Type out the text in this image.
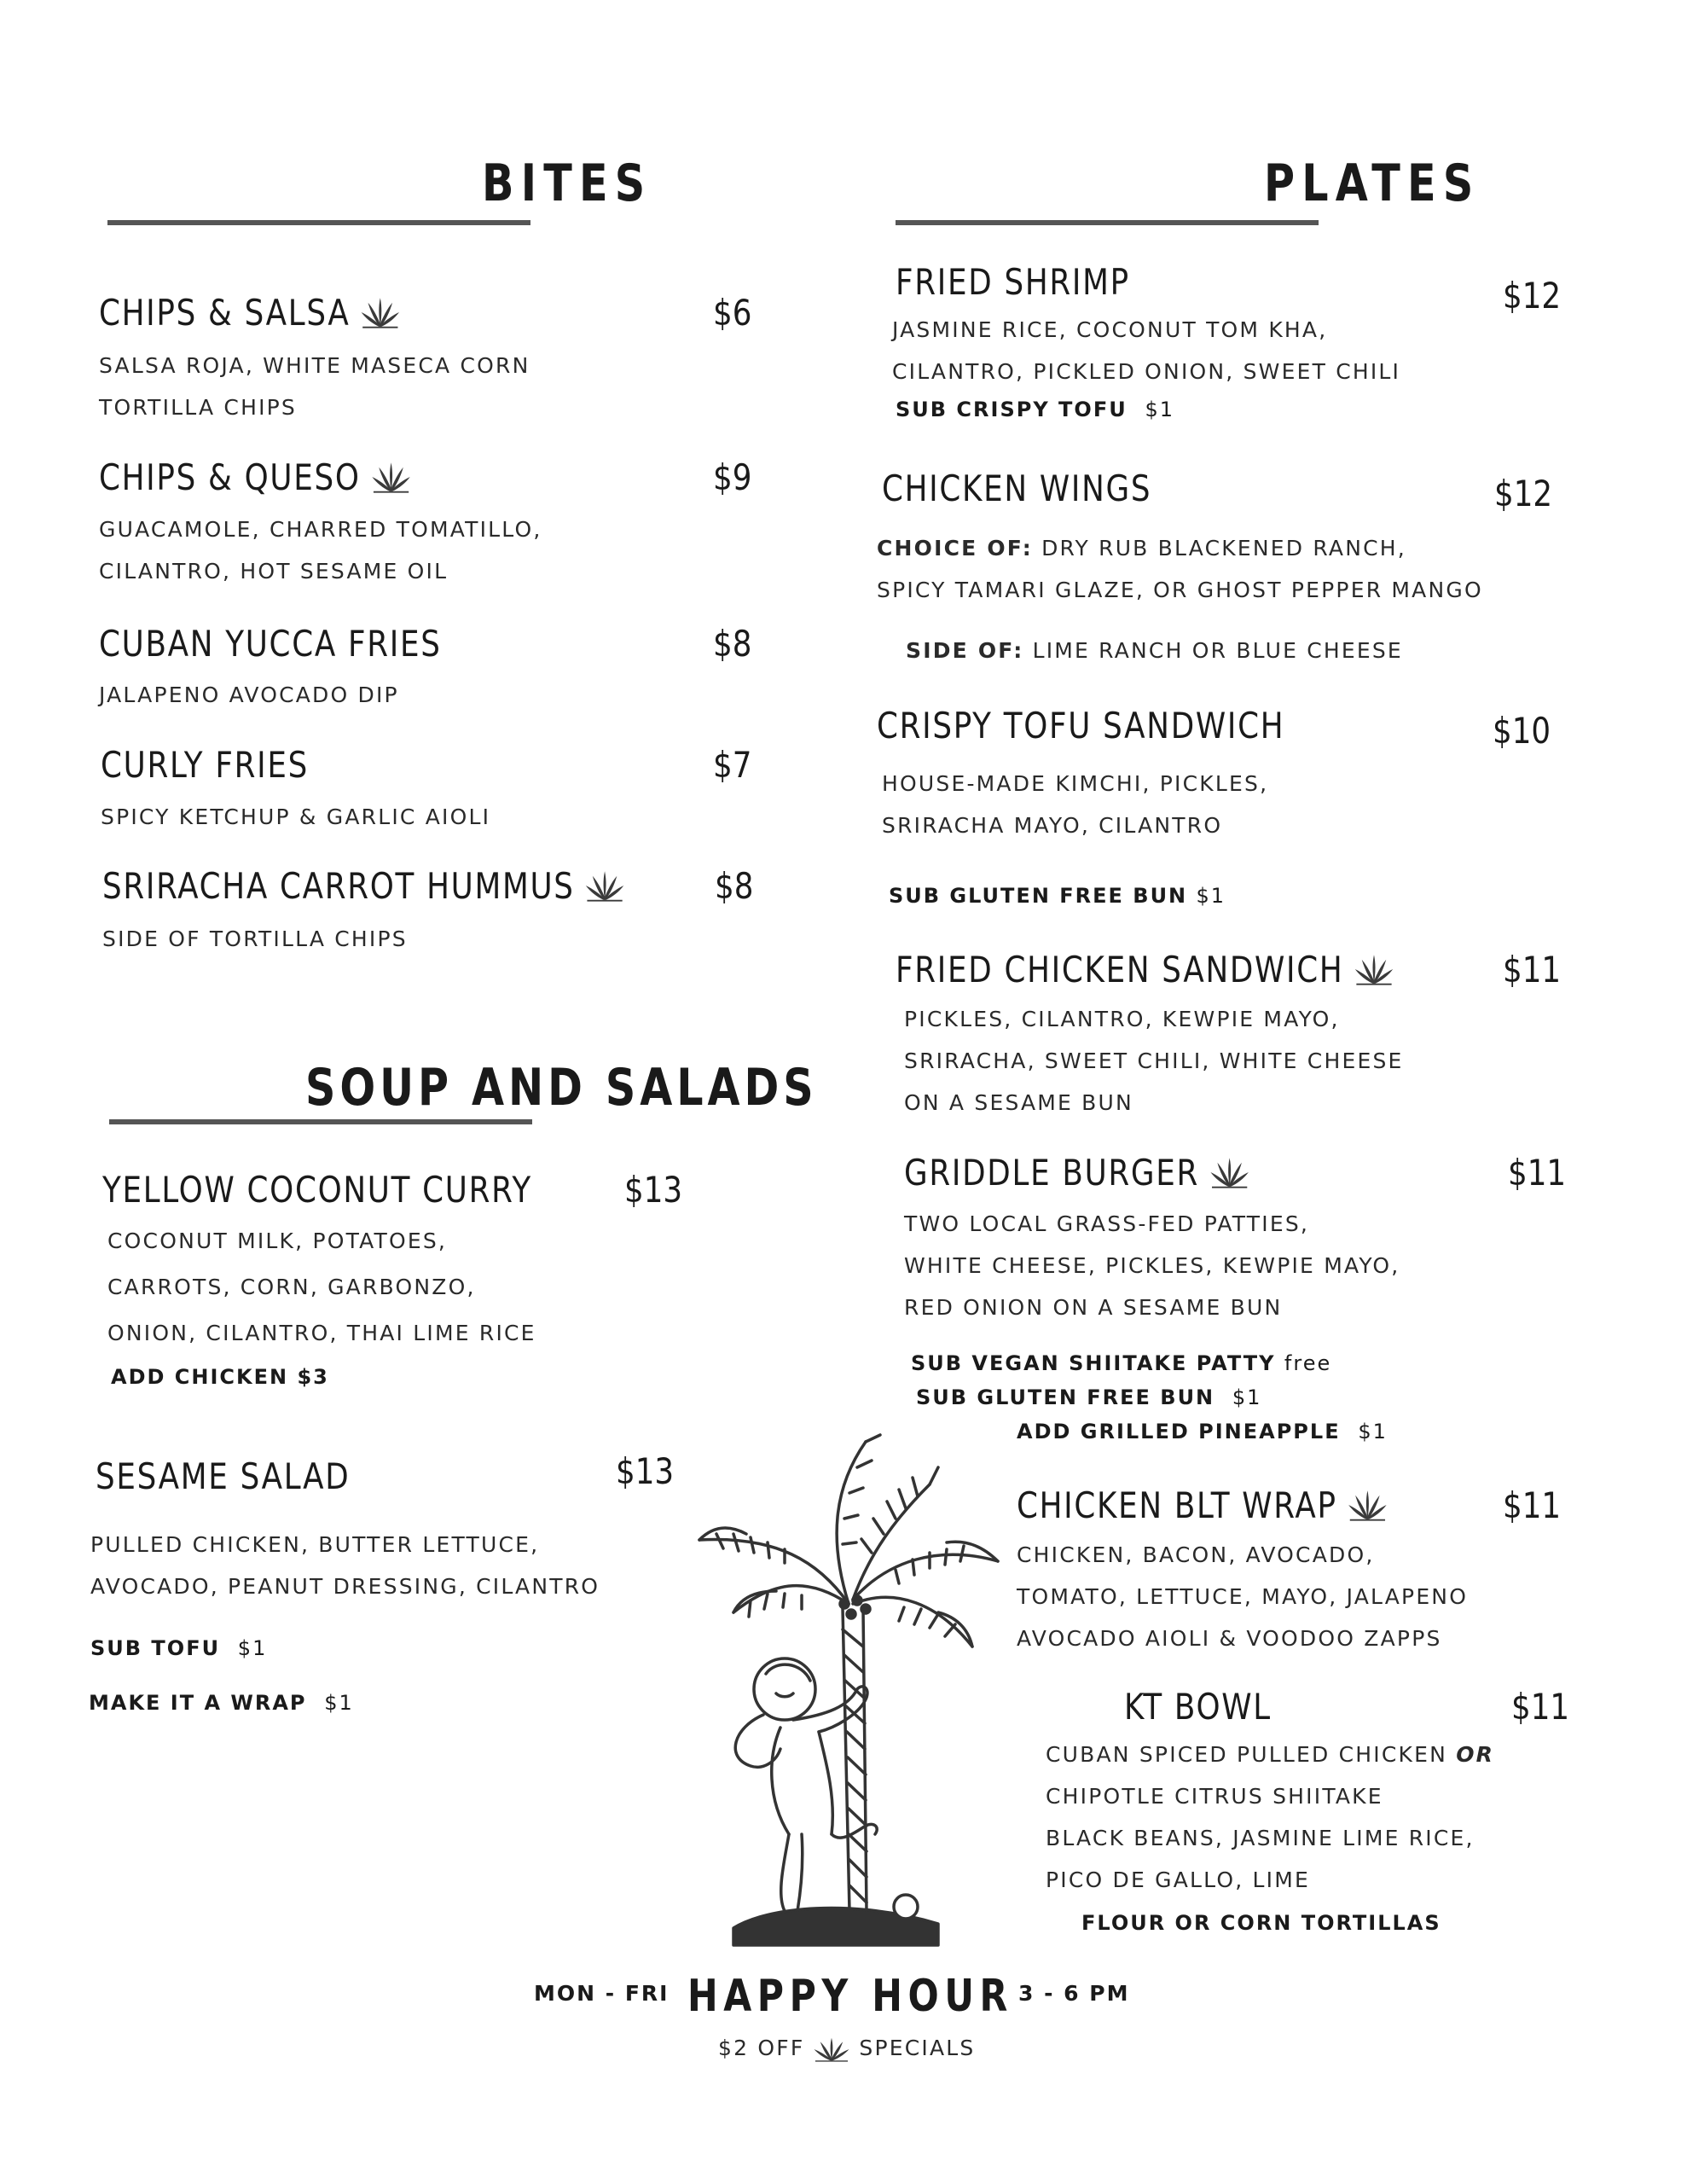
BITES
CHIPS & SALSA	$6
SALSA ROJA, WHITE MASECA CORN
TORTILLA CHIPS
CHIPS & QUESO	$9
GUACAMOLE, CHARRED TOMATILLO,
CILANTRO, HOT SESAME OIL
CUBAN YUCCA FRIES	$8
JALAPENO AVOCADO DIP
CURLY FRIES	$7
SPICY KETCHUP & GARLIC AIOLI
SRIRACHA CARROT HUMMUS	$8
SIDE OF TORTILLA CHIPS
SOUP AND SALADS
YELLOW COCONUT CURRY	$13
COCONUT MILK, POTATOES,
CARROTS, CORN, GARBONZO,
ONION, CILANTRO, THAI LIME RICE
ADD CHICKEN $3
SESAME SALAD	$13
PULLED CHICKEN, BUTTER LETTUCE,
AVOCADO, PEANUT DRESSING, CILANTRO
SUB TOFU $1
MAKE IT A WRAP $1
PLATES
FRIED SHRIMP	$12
JASMINE RICE, COCONUT TOM KHA,
CILANTRO, PICKLED ONION, SWEET CHILI
SUB CRISPY TOFU $1
CHICKEN WINGS	$12
CHOICE OF: DRY RUB BLACKENED RANCH,
SPICY TAMARI GLAZE, OR GHOST PEPPER MANGO
SIDE OF: LIME RANCH OR BLUE CHEESE
CRISPY TOFU SANDWICH	$10
HOUSE-MADE KIMCHI, PICKLES,
SRIRACHA MAYO, CILANTRO
SUB GLUTEN FREE BUN $1
FRIED CHICKEN SANDWICH	$11
PICKLES, CILANTRO, KEWPIE MAYO,
SRIRACHA, SWEET CHILI, WHITE CHEESE
ON A SESAME BUN
GRIDDLE BURGER	$11
TWO LOCAL GRASS-FED PATTIES,
WHITE CHEESE, PICKLES, KEWPIE MAYO,
RED ONION ON A SESAME BUN
SUB VEGAN SHIITAKE PATTY free
SUB GLUTEN FREE BUN $1
ADD GRILLED PINEAPPLE $1
CHICKEN BLT WRAP	$11
CHICKEN, BACON, AVOCADO,
TOMATO, LETTUCE, MAYO, JALAPENO
AVOCADO AIOLI & VOODOO ZAPPS
KT BOWL	$11
CUBAN SPICED PULLED CHICKEN OR
CHIPOTLE CITRUS SHIITAKE
BLACK BEANS, JASMINE LIME RICE,
PICO DE GALLO, LIME
FLOUR OR CORN TORTILLAS
MON - FRI HAPPY HOUR 3 - 6 PM
$2 OFF	SPECIALS
